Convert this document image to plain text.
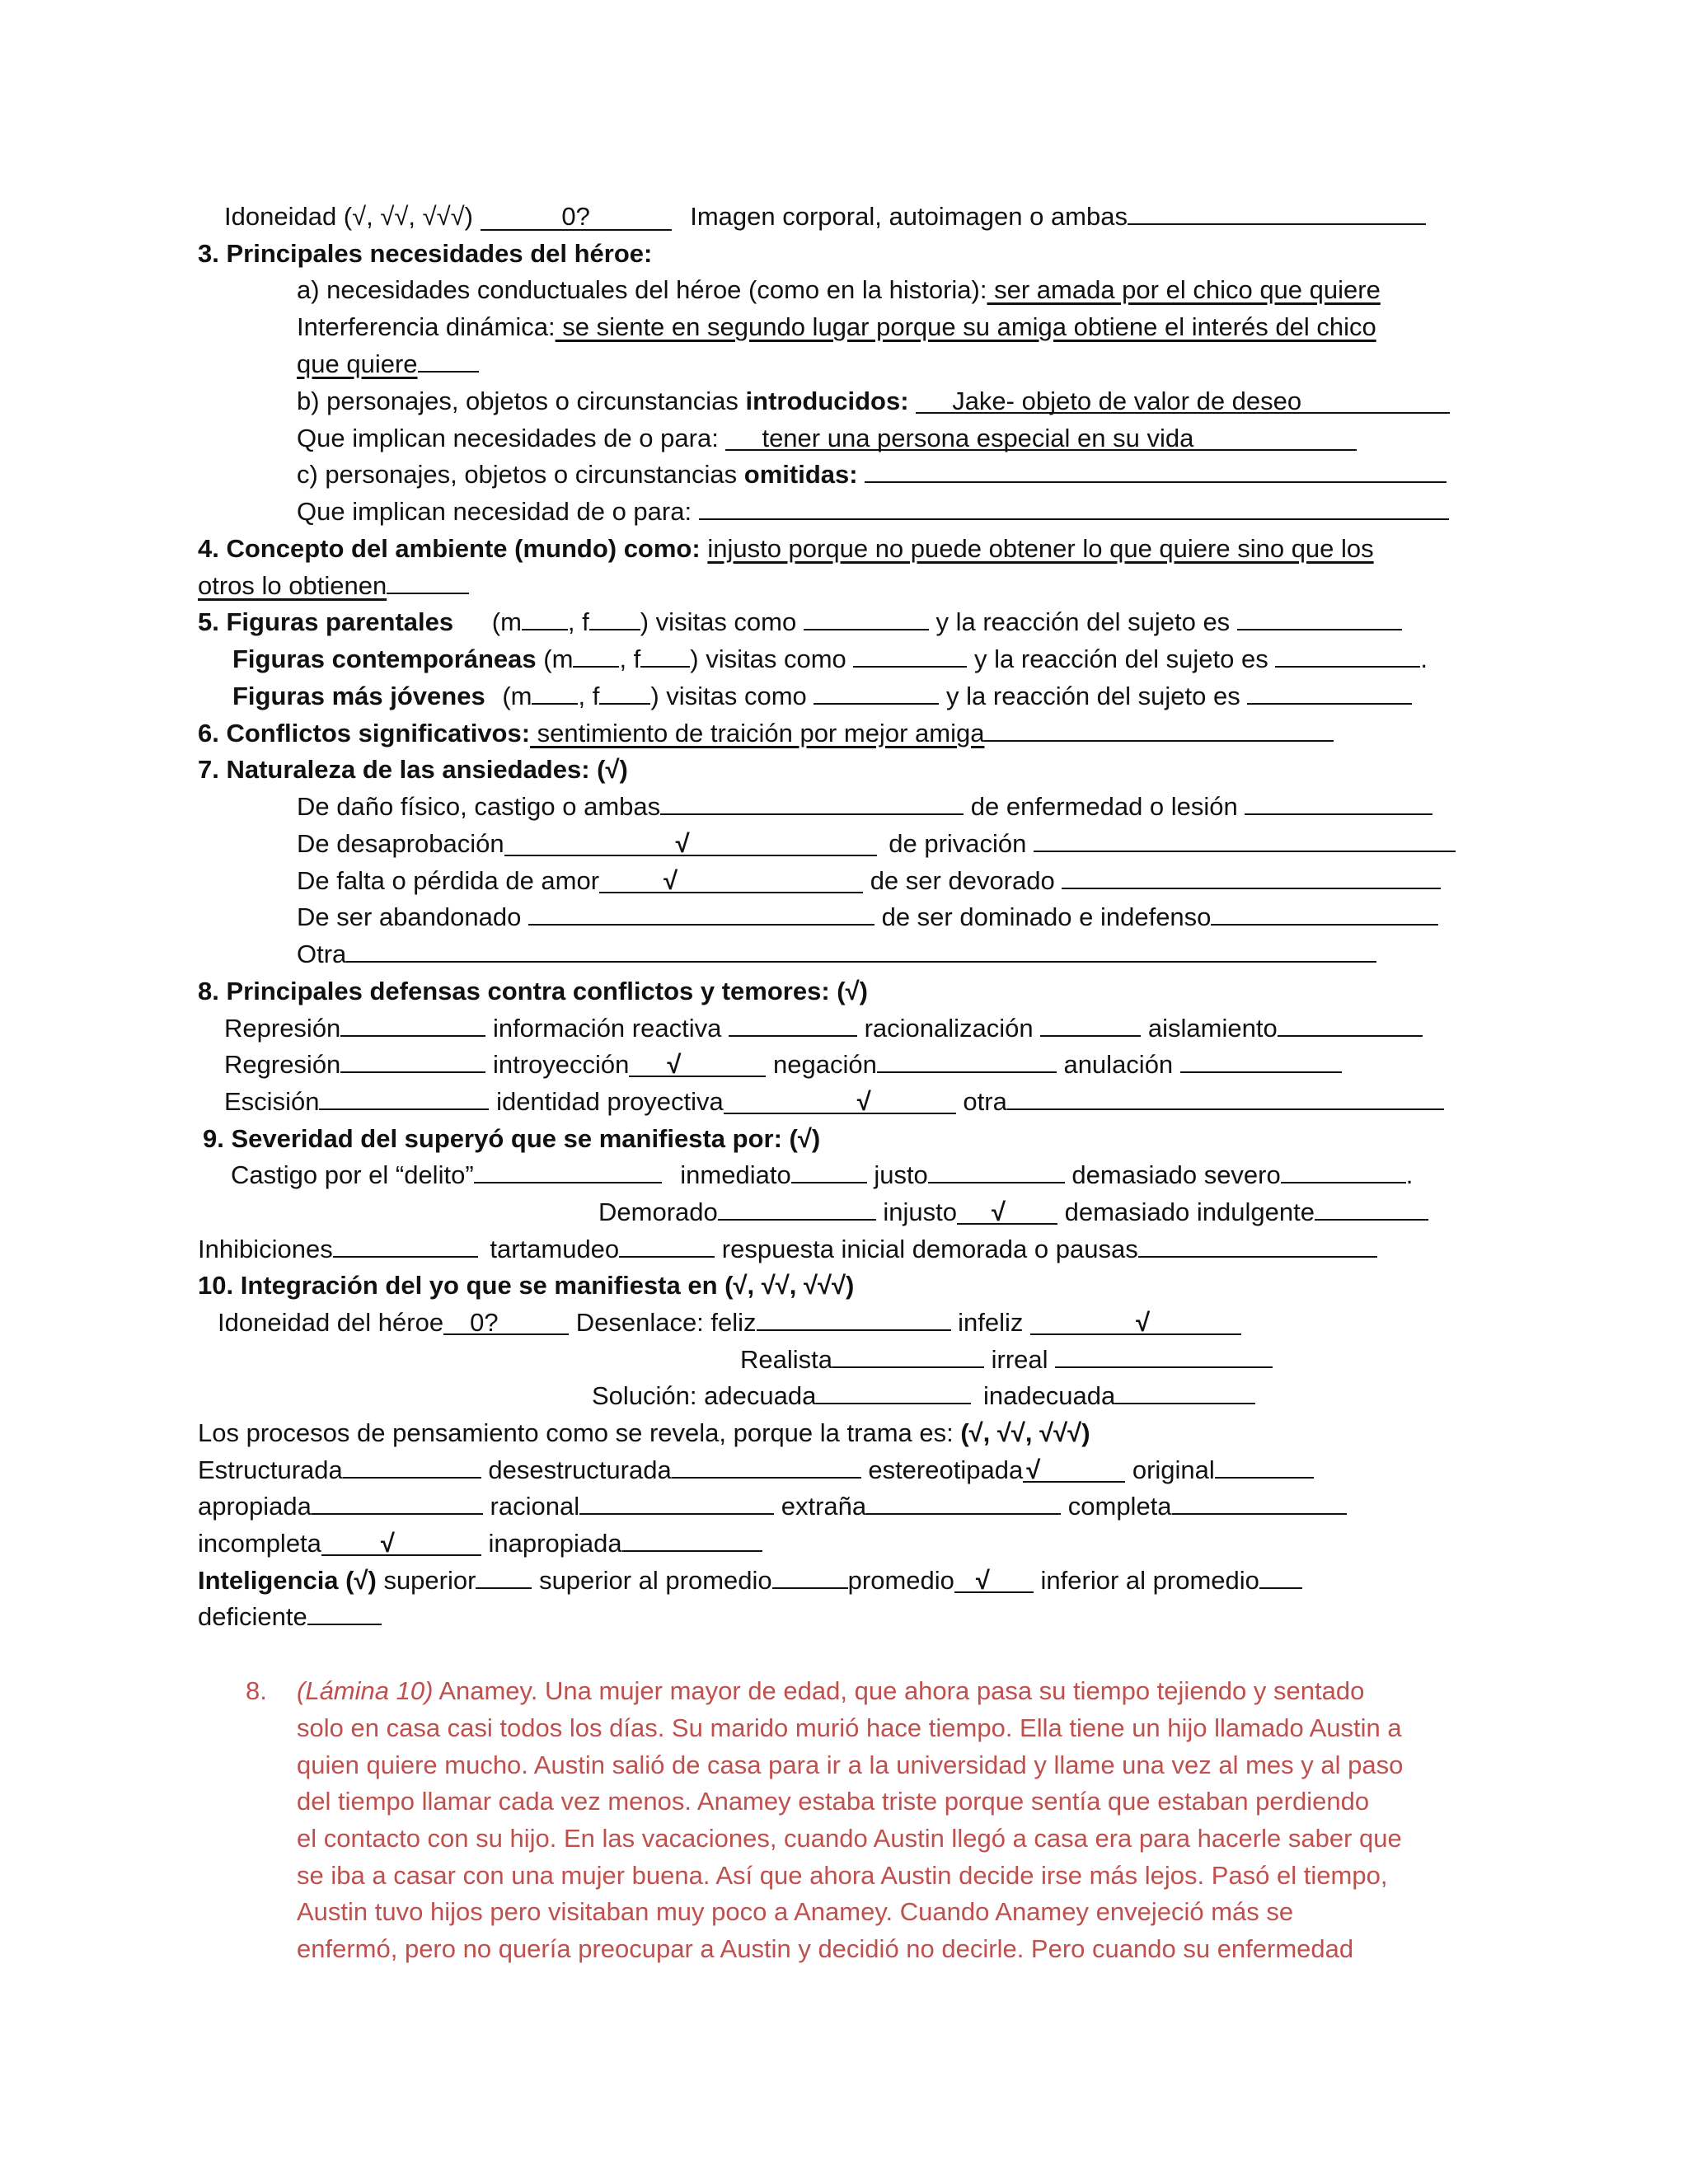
Idoneidad (√, √√, √√√)	0?	Imagen corporal, autoimagen o ambas
3. Principales necesidades del héroe:
a) necesidades conductuales del héroe (como en la historia): ser amada por el chico que quiere
Interferencia dinámica: se siente en segundo lugar porque su amiga obtiene el interés del chico
que quiere
b) personajes, objetos o circunstancias introducidos: Jake- objeto de valor de deseo
Que implican necesidades de o para: tener una persona especial en su vida
c) personajes, objetos o circunstancias omitidas:
Que implican necesidad de o para:
4. Concepto del ambiente (mundo) como: injusto porque no puede obtener lo que quiere sino que los
otros lo obtienen
5. Figuras parentales (m , f ) visitas como	y la reacción del sujeto es
Figuras contemporáneas (m , f ) visitas como	y la reacción del sujeto es	.
Figuras más jóvenes (m , f ) visitas como	y la reacción del sujeto es
6. Conflictos significativos: sentimiento de traición por mejor amiga
7. Naturaleza de las ansiedades: (√)
De daño físico, castigo o ambas	de enfermedad o lesión
De desaprobación	√	de privación
De falta o pérdida de amor	√	de ser devorado
De ser abandonado	de ser dominado e indefenso
Otra
8. Principales defensas contra conflictos y temores: (√)
Represión	información reactiva	racionalización	aislamiento
Regresión	introyección √	negación	anulación
Escisión	identidad proyectiva	√	otra
9. Severidad del superyó que se manifiesta por: (√)
Castigo por el “delito”	inmediato	justo	demasiado severo	.
Demorado	injusto √ demasiado indulgente
Inhibiciones	tartamudeo	respuesta inicial demorada o pausas
10. Integración del yo que se manifiesta en (√, √√, √√√)
Idoneidad del héroe 0?	Desenlace: feliz	infeliz	√
Realista	irreal
Solución: adecuada	inadecuada
Los procesos de pensamiento como se revela, porque la trama es: (√, √√, √√√)
Estructurada	desestructurada	estereotipada √	original
apropiada	racional	extraña	completa
incompleta √	inapropiada
Inteligencia (√) superior superior al promedio	promedio √ inferior al promedio
deficiente
8. (Lámina 10) Anamey. Una mujer mayor de edad, que ahora pasa su tiempo tejiendo y sentado
solo en casa casi todos los días. Su marido murió hace tiempo. Ella tiene un hijo llamado Austin a
quien quiere mucho. Austin salió de casa para ir a la universidad y llame una vez al mes y al paso
del tiempo llamar cada vez menos. Anamey estaba triste porque sentía que estaban perdiendo
el contacto con su hijo. En las vacaciones, cuando Austin llegó a casa era para hacerle saber que
se iba a casar con una mujer buena. Así que ahora Austin decide irse más lejos. Pasó el tiempo,
Austin tuvo hijos pero visitaban muy poco a Anamey. Cuando Anamey envejeció más se
enfermó, pero no quería preocupar a Austin y decidió no decirle. Pero cuando su enfermedad
